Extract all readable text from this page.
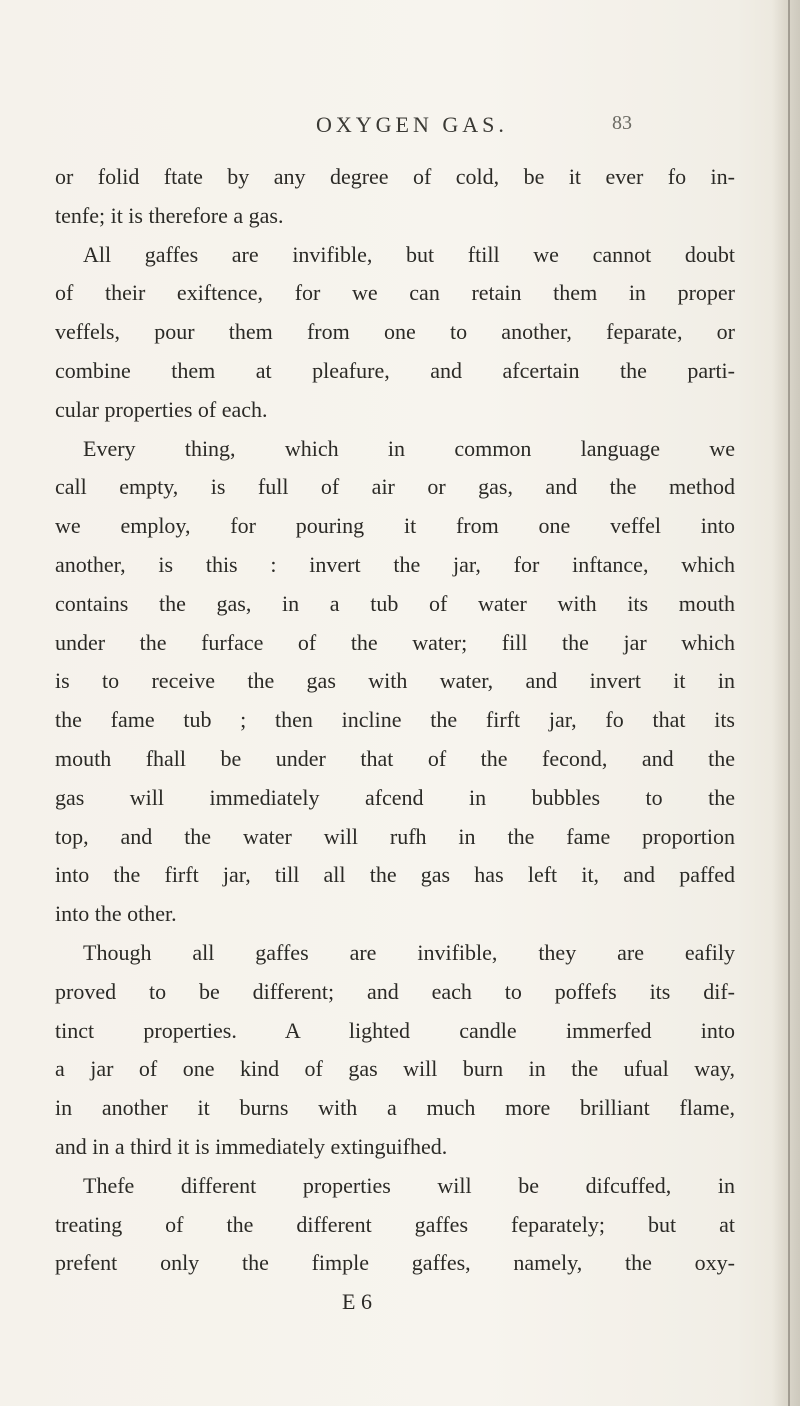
OXYGEN GAS.	83
or folid ftate by any degree of cold, be it ever fo in-
tenfe; it is therefore a gas.
All gaffes are invifible, but ftill we cannot doubt
of their exiftence, for we can retain them in proper
veffels, pour them from one to another, feparate, or
combine them at pleafure, and afcertain the parti-
cular properties of each.
Every thing, which in common language we
call empty, is full of air or gas, and the method
we employ, for pouring it from one veffel into
another, is this : invert the jar, for inftance, which
contains the gas, in a tub of water with its mouth
under the furface of the water; fill the jar which
is to receive the gas with water, and invert it in
the fame tub ; then incline the firft jar, fo that its
mouth fhall be under that of the fecond, and the
gas will immediately afcend in bubbles to the
top, and the water will rufh in the fame proportion
into the firft jar, till all the gas has left it, and paffed
into the other.
Though all gaffes are invifible, they are eafily
proved to be different; and each to poffefs its dif-
tinct properties. A lighted candle immerfed into
a jar of one kind of gas will burn in the ufual way,
in another it burns with a much more brilliant flame,
and in a third it is immediately extinguifhed.
Thefe different properties will be difcuffed, in
treating of the different gaffes feparately; but at
prefent only the fimple gaffes, namely, the oxy-
E 6
